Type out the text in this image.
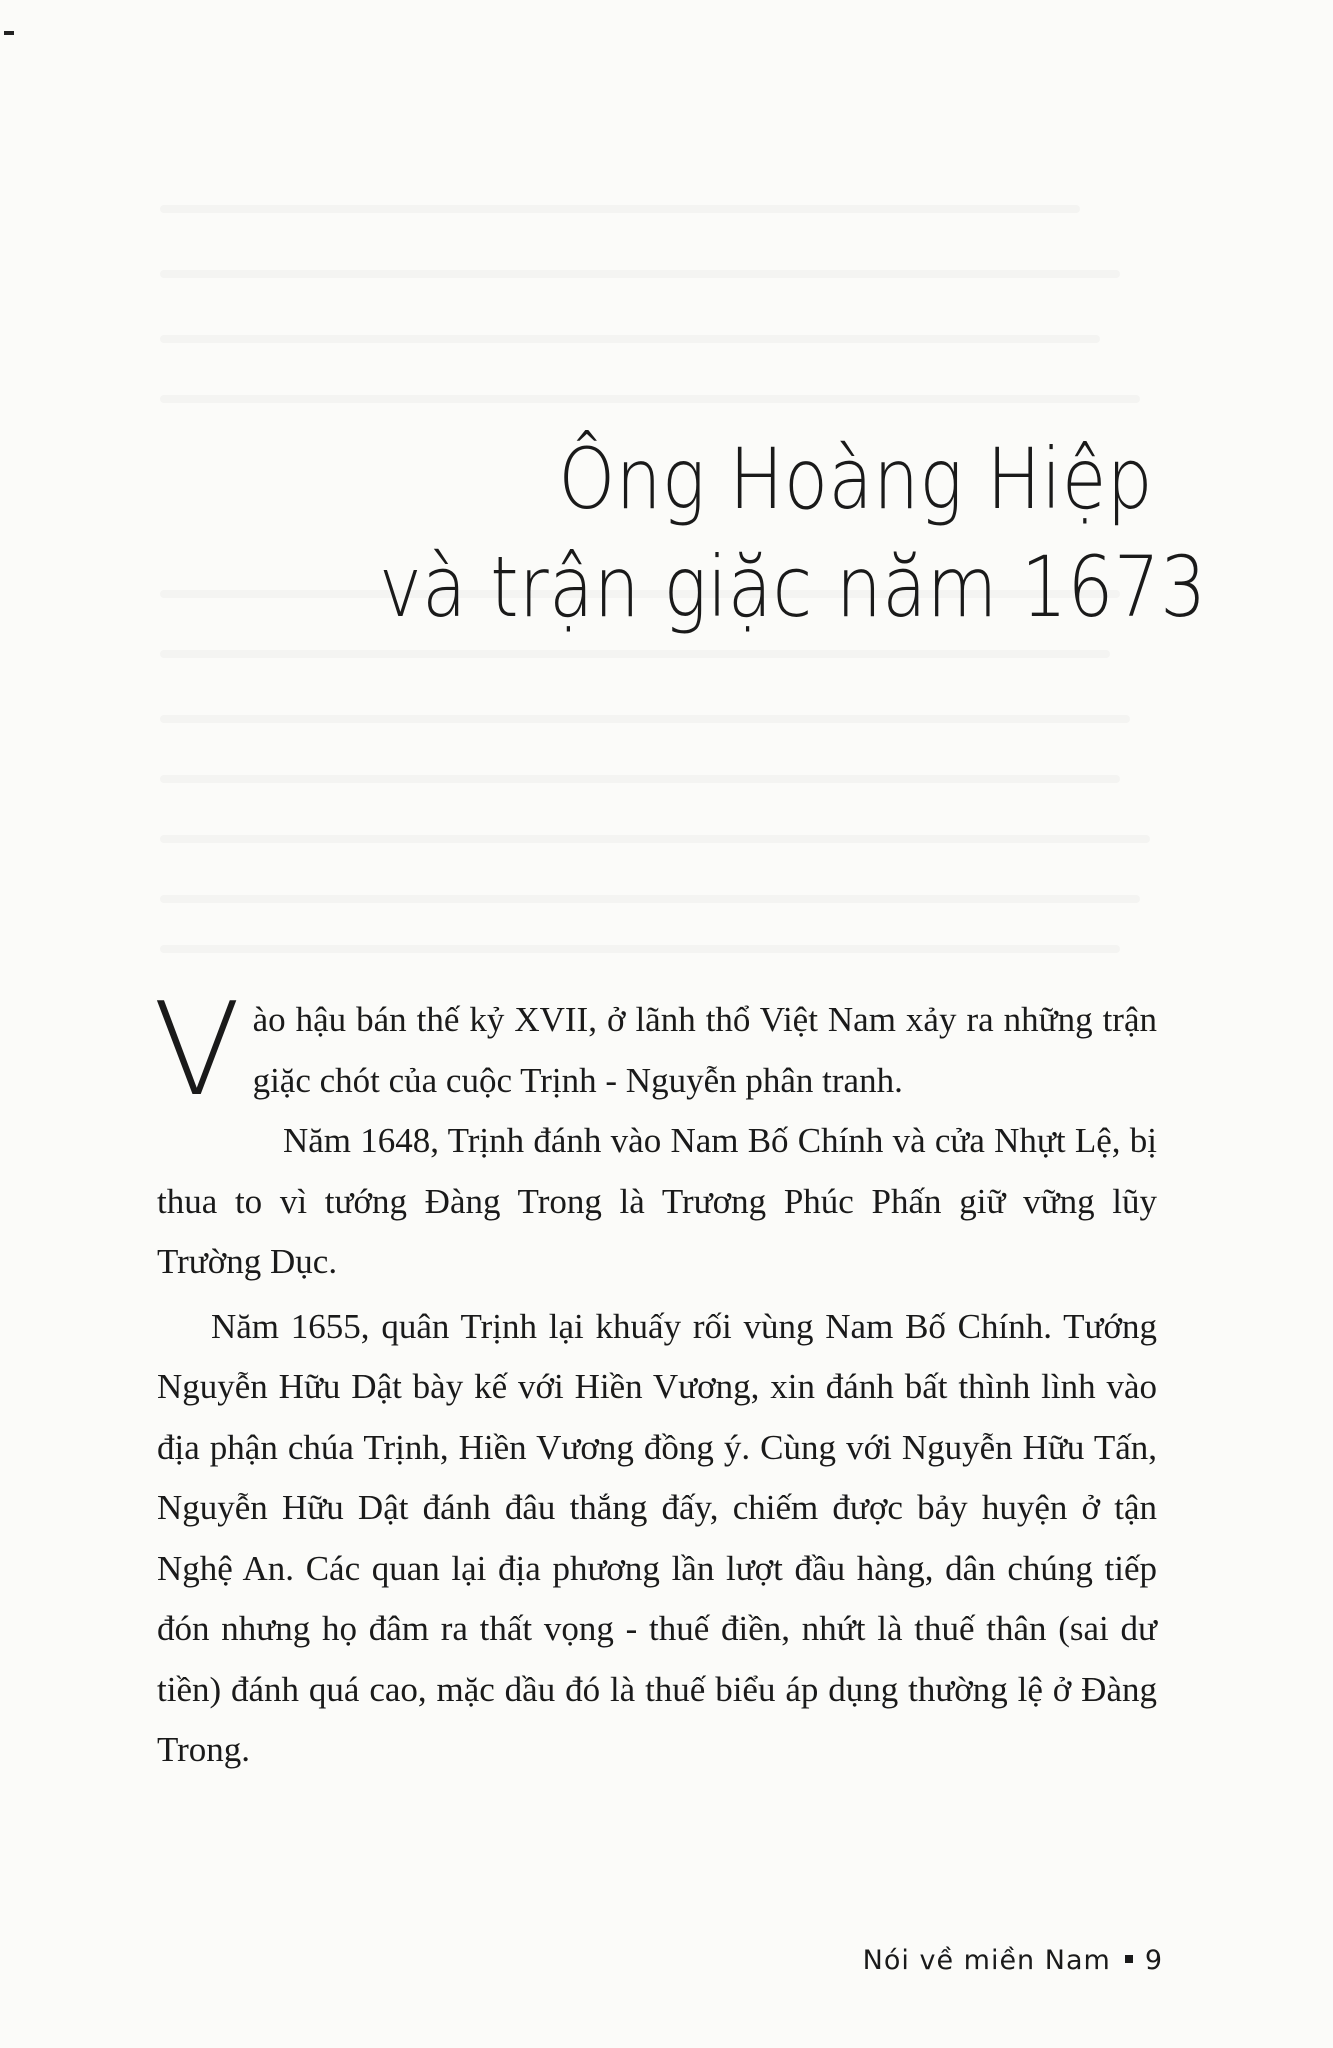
Ông Hoàng Hiệp
và trận giặc năm 1673

Vào hậu bán thế kỷ XVII, ở lãnh thổ Việt Nam xảy ra những trận giặc chót của cuộc Trịnh - Nguyễn phân tranh.

Năm 1648, Trịnh đánh vào Nam Bố Chính và cửa Nhựt Lệ, bị thua to vì tướng Đàng Trong là Trương Phúc Phấn giữ vững lũy Trường Dục.

Năm 1655, quân Trịnh lại khuấy rối vùng Nam Bố Chính. Tướng Nguyễn Hữu Dật bày kế với Hiền Vương, xin đánh bất thình lình vào địa phận chúa Trịnh, Hiền Vương đồng ý. Cùng với Nguyễn Hữu Tấn, Nguyễn Hữu Dật đánh đâu thắng đấy, chiếm được bảy huyện ở tận Nghệ An. Các quan lại địa phương lần lượt đầu hàng, dân chúng tiếp đón nhưng họ đâm ra thất vọng - thuế điền, nhứt là thuế thân (sai dư tiền) đánh quá cao, mặc dầu đó là thuế biểu áp dụng thường lệ ở Đàng Trong.

Nói về miền Nam 9
